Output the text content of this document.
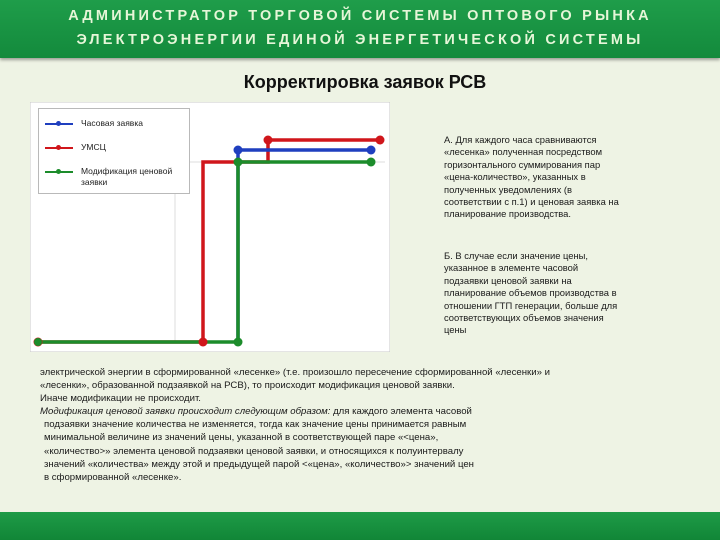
АДМИНИСТРАТОР ТОРГОВОЙ СИСТЕМЫ ОПТОВОГО РЫНКА
ЭЛЕКТРОЭНЕРГИИ ЕДИНОЙ ЭНЕРГЕТИЧЕСКОЙ СИСТЕМЫ
Корректировка заявок РСВ
Часовая заявка
УМСЦ
Модификация ценовой заявки
А. Для каждого часа сравниваются
«лесенка» полученная посредством
горизонтального суммирования пар
«цена-количество», указанных в
полученных уведомлениях (в
соответствии с п.1) и ценовая заявка на
планирование производства.
Б. В случае если значение цены,
указанное в элементе часовой
подзаявки ценовой заявки на
планирование объемов производства в
отношении ГТП генерации, больше для
соответствующих объемов значения
цены
электрической энергии в сформированной «лесенке» (т.е. произошло пересечение сформированной «лесенки» и
«лесенки», образованной подзаявкой на РСВ), то происходит модификация ценовой заявки.
Иначе модификации не происходит.
Модификация ценовой заявки происходит следующим образом: для каждого элемента часовой
подзаявки значение количества не изменяется, тогда как значение цены принимается равным
минимальной величине из значений цены, указанной в соответствующей паре «<цена»,
«количество>» элемента ценовой подзаявки ценовой заявки, и относящихся к полуинтервалу
значений «количества» между этой и предыдущей парой <«цена», «количество»> значений цен
в сформированной «лесенке».
